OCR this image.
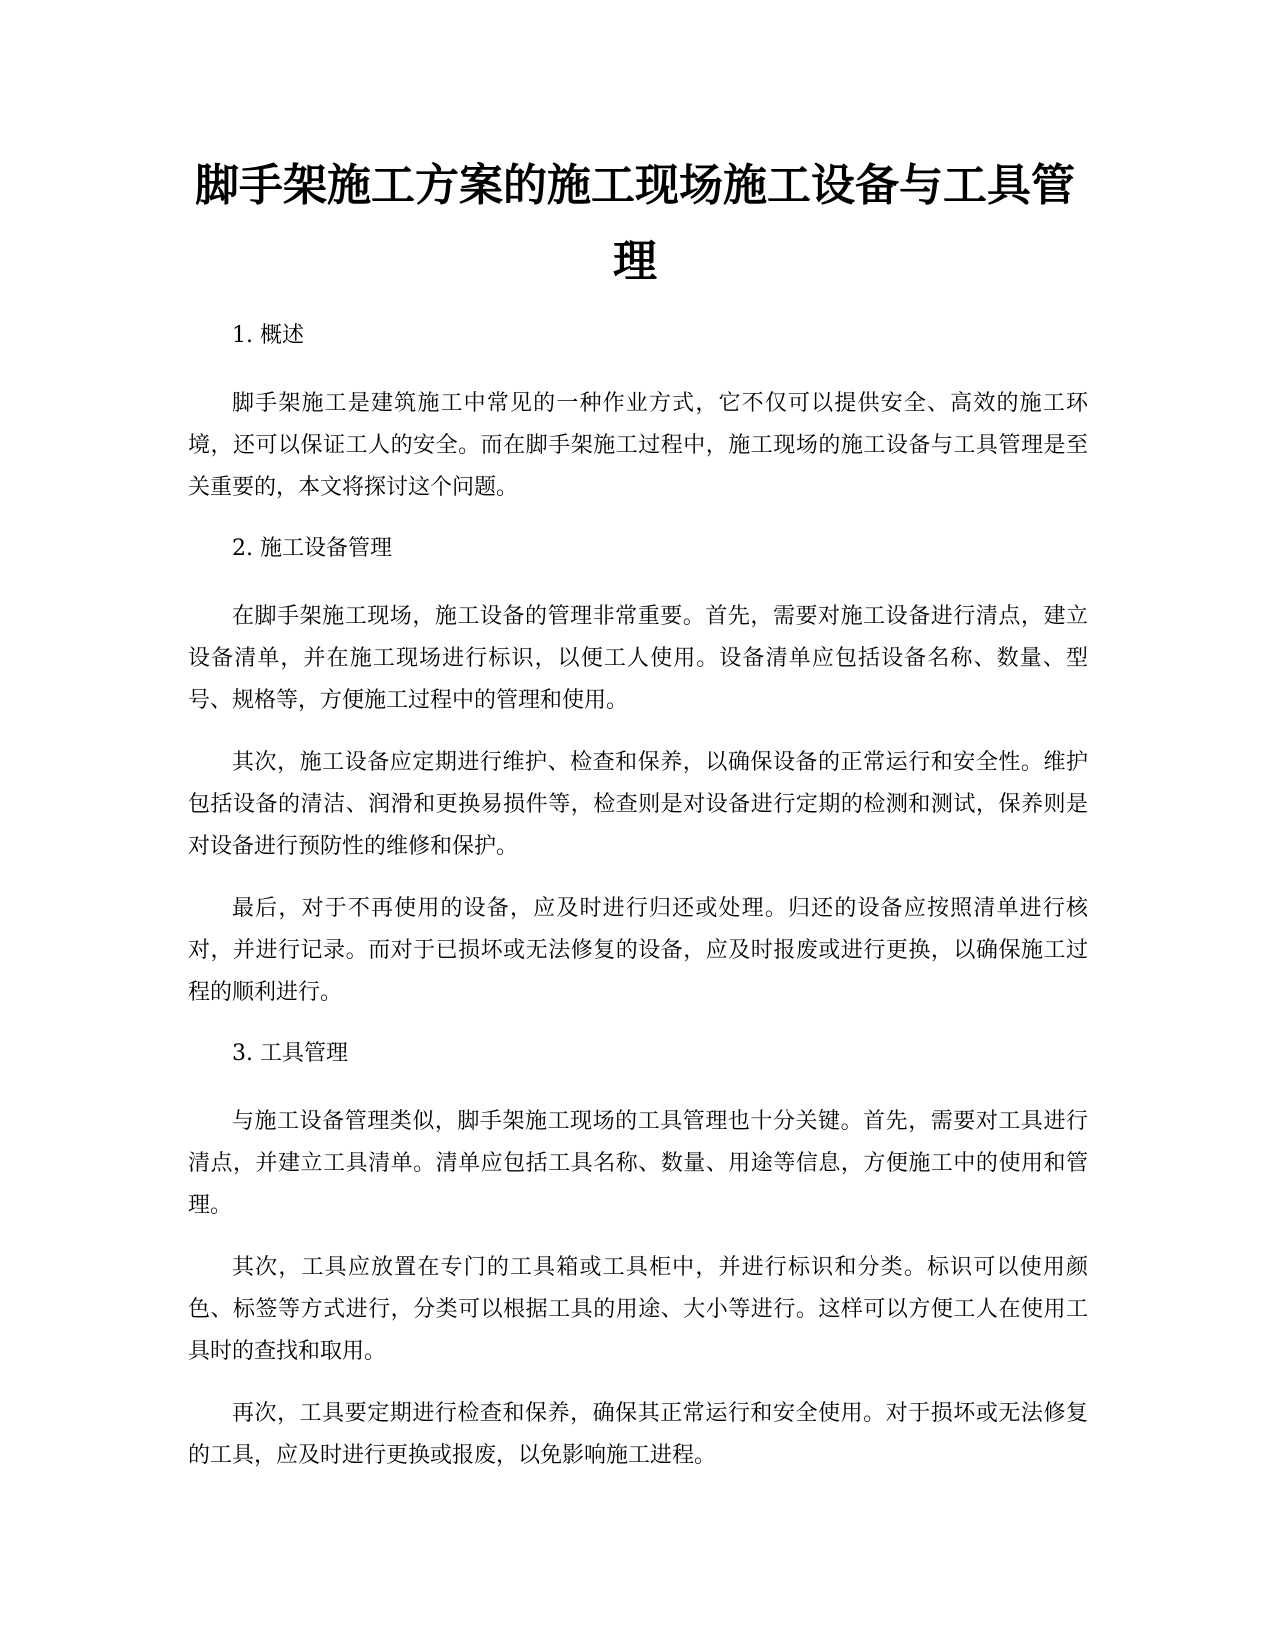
脚手架施工方案的施工现场施工设备与工具管理

1. 概述

脚手架施工是建筑施工中常见的一种作业方式，它不仅可以提供安全、高效的施工环境，还可以保证工人的安全。而在脚手架施工过程中，施工现场的施工设备与工具管理是至关重要的，本文将探讨这个问题。

2. 施工设备管理

在脚手架施工现场，施工设备的管理非常重要。首先，需要对施工设备进行清点，建立设备清单，并在施工现场进行标识，以便工人使用。设备清单应包括设备名称、数量、型号、规格等，方便施工过程中的管理和使用。

其次，施工设备应定期进行维护、检查和保养，以确保设备的正常运行和安全性。维护包括设备的清洁、润滑和更换易损件等，检查则是对设备进行定期的检测和测试，保养则是对设备进行预防性的维修和保护。

最后，对于不再使用的设备，应及时进行归还或处理。归还的设备应按照清单进行核对，并进行记录。而对于已损坏或无法修复的设备，应及时报废或进行更换，以确保施工过程的顺利进行。

3. 工具管理

与施工设备管理类似，脚手架施工现场的工具管理也十分关键。首先，需要对工具进行清点，并建立工具清单。清单应包括工具名称、数量、用途等信息，方便施工中的使用和管理。

其次，工具应放置在专门的工具箱或工具柜中，并进行标识和分类。标识可以使用颜色、标签等方式进行，分类可以根据工具的用途、大小等进行。这样可以方便工人在使用工具时的查找和取用。

再次，工具要定期进行检查和保养，确保其正常运行和安全使用。对于损坏或无法修复的工具，应及时进行更换或报废，以免影响施工进程。
